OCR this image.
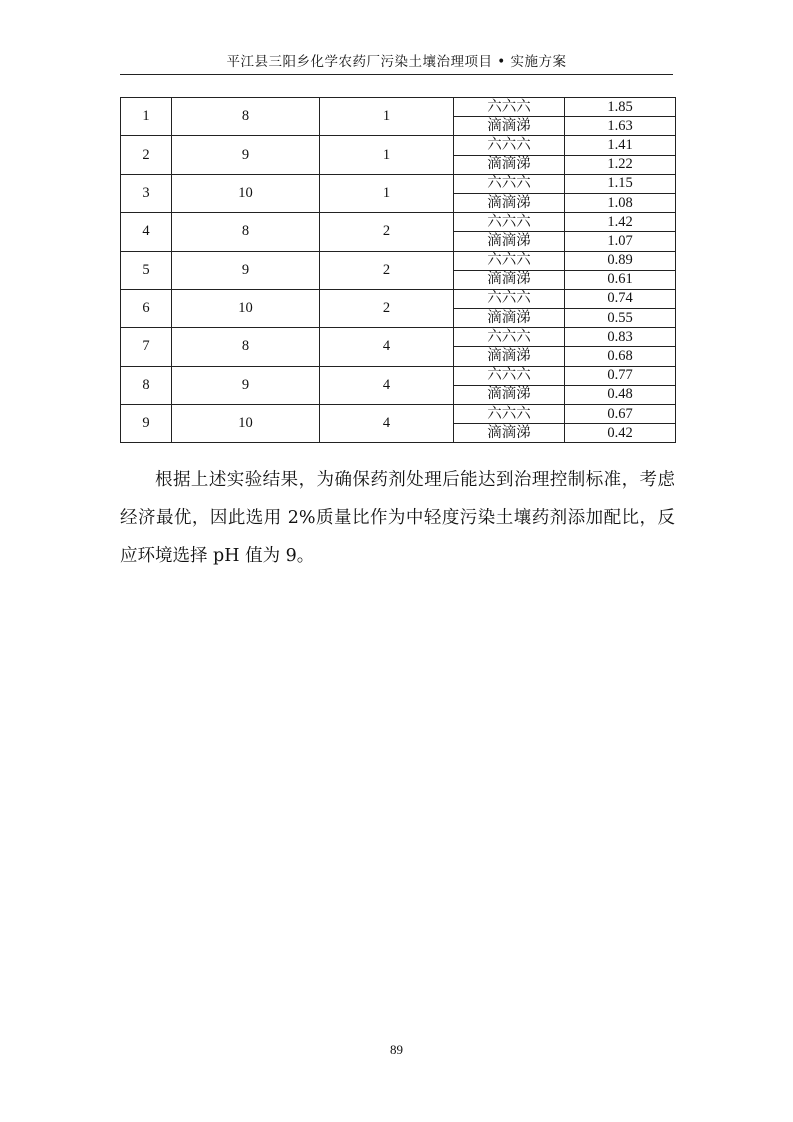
平江县三阳乡化学农药厂污染土壤治理项目 • 实施方案
1	8	1	六六六	1.85
			滴滴涕	1.63
2	9	1	六六六	1.41
			滴滴涕	1.22
3	10	1	六六六	1.15
			滴滴涕	1.08
4	8	2	六六六	1.42
			滴滴涕	1.07
5	9	2	六六六	0.89
			滴滴涕	0.61
6	10	2	六六六	0.74
			滴滴涕	0.55
7	8	4	六六六	0.83
			滴滴涕	0.68
8	9	4	六六六	0.77
			滴滴涕	0.48
9	10	4	六六六	0.67
			滴滴涕	0.42

根据上述实验结果，为确保药剂处理后能达到治理控制标准，考虑经济最优，因此选用 2%质量比作为中轻度污染土壤药剂添加配比，反应环境选择 pH 值为 9。

89
